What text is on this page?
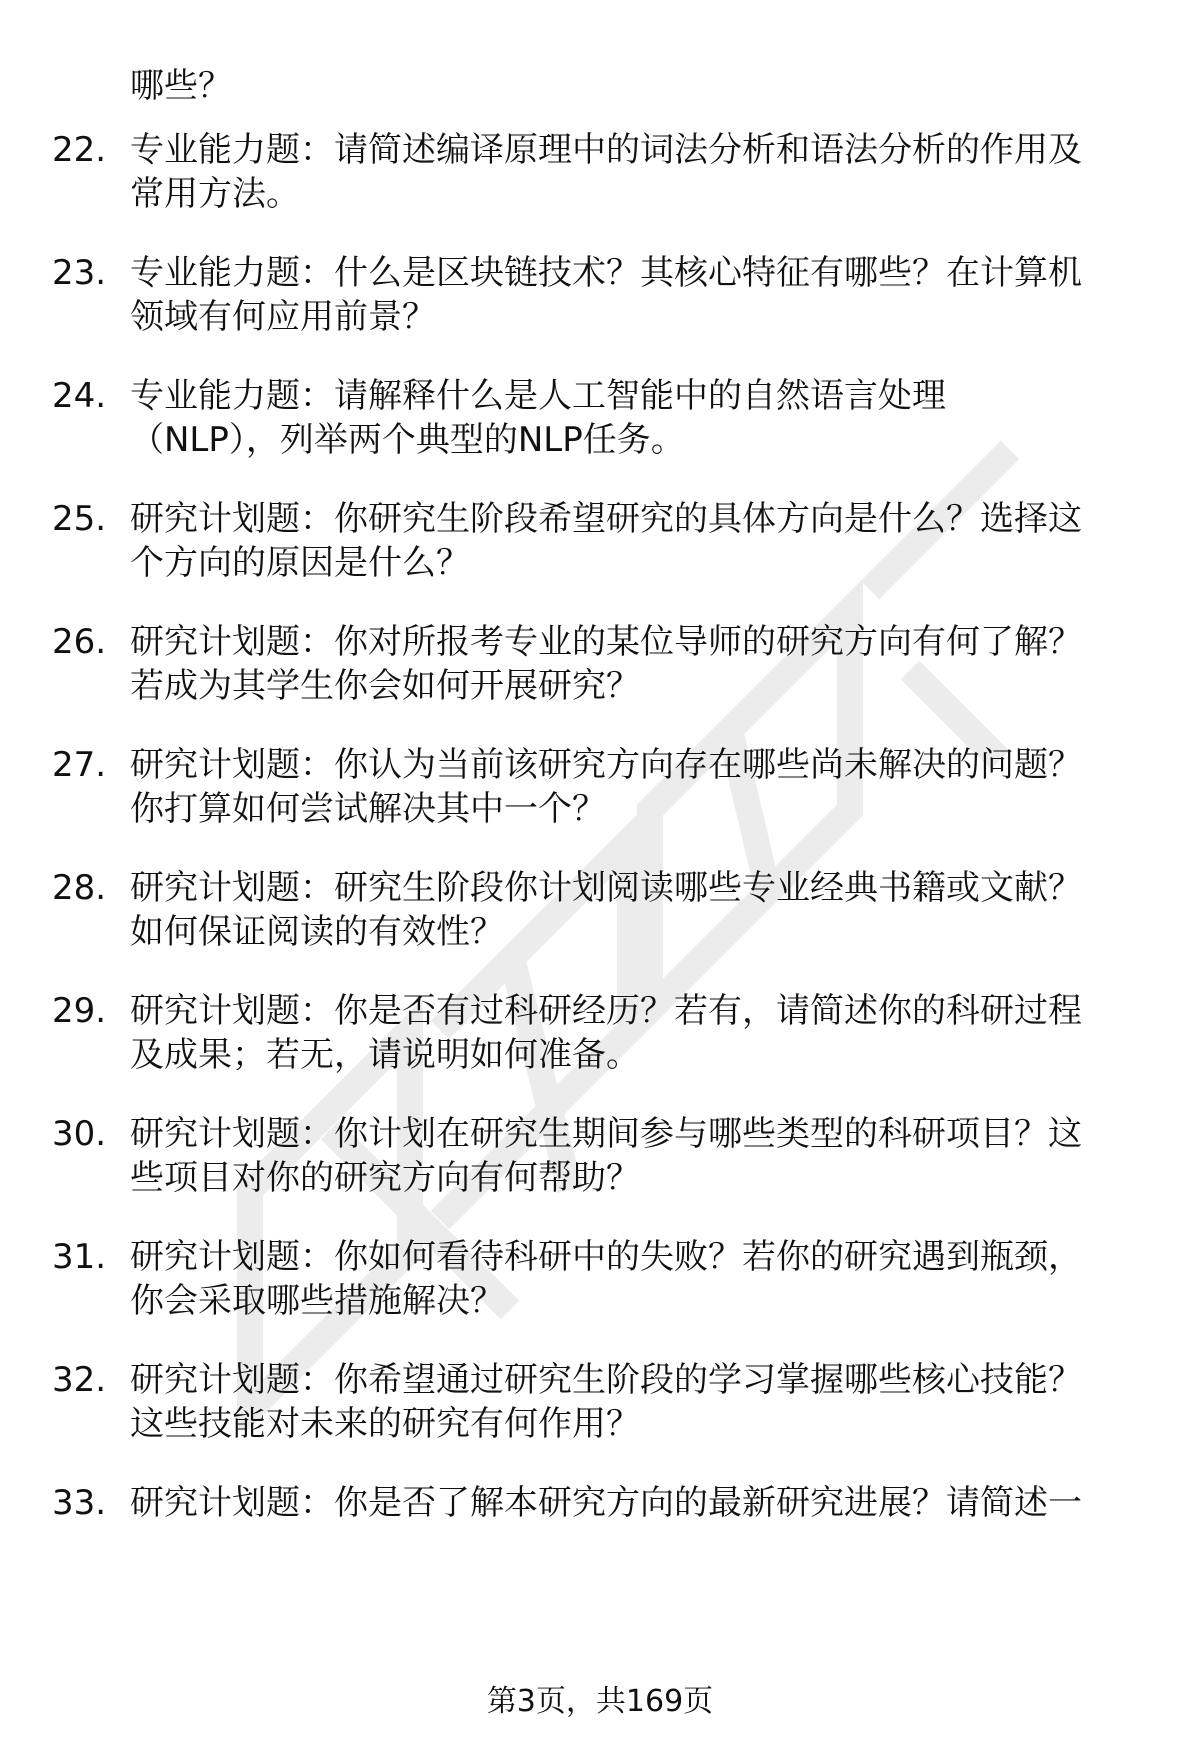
哪些？
22. 专业能力题：请简述编译原理中的词法分析和语法分析的作用及
常用方法。
23. 专业能力题：什么是区块链技术？其核心特征有哪些？在计算机
领域有何应用前景？
24. 专业能力题：请解释什么是人工智能中的自然语言处理
（NLP），列举两个典型的NLP任务。
25. 研究计划题：你研究生阶段希望研究的具体方向是什么？选择这
个方向的原因是什么？
26. 研究计划题：你对所报考专业的某位导师的研究方向有何了解？
若成为其学生你会如何开展研究？
27. 研究计划题：你认为当前该研究方向存在哪些尚未解决的问题？
你打算如何尝试解决其中一个？
28. 研究计划题：研究生阶段你计划阅读哪些专业经典书籍或文献？
如何保证阅读的有效性？
29. 研究计划题：你是否有过科研经历？若有，请简述你的科研过程
及成果；若无，请说明如何准备。
30. 研究计划题：你计划在研究生期间参与哪些类型的科研项目？这
些项目对你的研究方向有何帮助？
31. 研究计划题：你如何看待科研中的失败？若你的研究遇到瓶颈，
你会采取哪些措施解决？
32. 研究计划题：你希望通过研究生阶段的学习掌握哪些核心技能？
这些技能对未来的研究有何作用？
33. 研究计划题：你是否了解本研究方向的最新研究进展？请简述一
第3页，共169页
